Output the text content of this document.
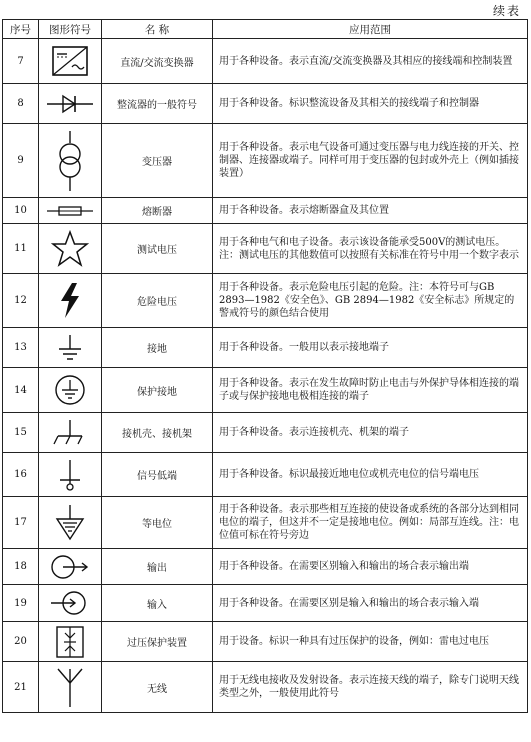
续表
序号	图形符号	名 称	应用范围
7		直流/交流变换器	用于各种设备。表示直流/交流变换器及其相应的接线端和控制装置
8		整流器的一般符号	用于各种设备。标识整流设备及其相关的接线端子和控制器
9		变压器	用于各种设备。表示电气设备可通过变压器与电力线连接的开关、控制器、连接器或端子。同样可用于变压器的包封或外壳上（例如插接装置）
10		熔断器	用于各种设备。表示熔断器盒及其位置
11		测试电压	用于各种电气和电子设备。表示该设备能承受500V的测试电压。注：测试电压的其他数值可以按照有关标准在符号中用一个数字表示
12		危险电压	用于各种设备。表示危险电压引起的危险。注：本符号可与GB 2893—1982《安全色》、GB 2894—1982《安全标志》所规定的警戒符号的颜色结合使用
13		接地	用于各种设备。一般用以表示接地端子
14		保护接地	用于各种设备。表示在发生故障时防止电击与外保护导体相连接的端子或与保护接地电极相连接的端子
15		接机壳、接机架	用于各种设备。表示连接机壳、机架的端子
16		信号低端	用于各种设备。标识最接近地电位或机壳电位的信号端电压
17		等电位	用于各种设备。表示那些相互连接的使设备或系统的各部分达到相同电位的端子，但这并不一定是接地电位。例如：局部互连线。注：电位值可标在符号旁边
18		输出	用于各种设备。在需要区别输入和输出的场合表示输出端
19		输入	用于各种设备。在需要区别是输入和输出的场合表示输入端
20		过压保护装置	用于设备。标识一种具有过压保护的设备，例如：雷电过电压
21		无线	用于无线电接收及发射设备。表示连接天线的端子，除专门说明天线类型之外，一般使用此符号
